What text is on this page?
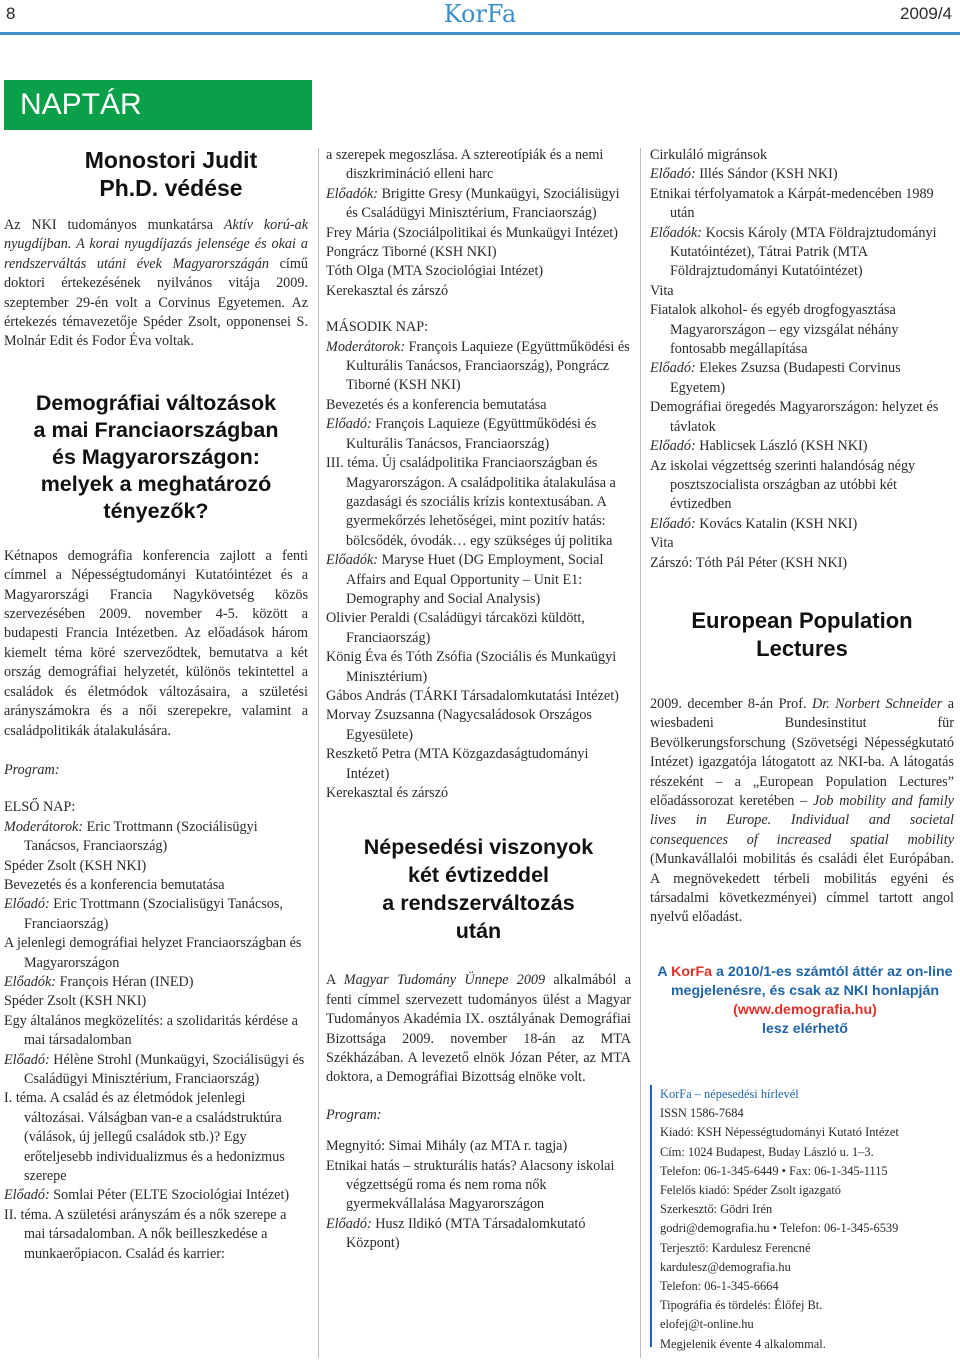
8	KorFa	2009/4
NAPTÁR
Monostori Judit
Ph.D. védése

Az NKI tudományos munkatársa Aktív korú-ak nyugdíjban. A korai nyugdíjazás jelensége és okai a rendszerváltás utáni évek Magyarországán című doktori értekezésének nyilvános vitája 2009. szeptember 29-én volt a Corvinus Egyetemen. Az értekezés témavezetője Spéder Zsolt, opponensei S. Molnár Edit és Fodor Éva voltak.

Demográfiai változások
a mai Franciaországban
és Magyarországon:
melyek a meghatározó
tényezők?

Kétnapos demográfia konferencia zajlott a fenti címmel a Népességtudományi Kutatóintézet és a Magyarországi Francia Nagykövetség közös szervezésében 2009. november 4-5. között a budapesti Francia Intézetben. Az előadások három kiemelt téma köré szerveződtek, bemutatva a két ország demográfiai helyzetét, különös tekintettel a családok és életmódok változásaira, a születési arányszámokra és a női szerepekre, valamint a családpolitikák átalakulására.

Program:

ELSŐ NAP:

Moderátorok: Eric Trottmann (Szociálisügyi Tanácsos, Franciaország)

Spéder Zsolt (KSH NKI)

Bevezetés és a konferencia bemutatása

Előadó: Eric Trottmann (Szocialisügyi Tanácsos, Franciaország)

A jelenlegi demográfiai helyzet Franciaországban és Magyarországon

Előadók: François Héran (INED)

Spéder Zsolt (KSH NKI)

Egy általános megközelítés: a szolidaritás kérdése a mai társadalomban

Előadó: Hélène Strohl (Munkaügyi, Szociálisügyi és Családügyi Minisztérium, Franciaország)

I. téma. A család és az életmódok jelenlegi változásai. Válságban van-e a családstruktúra (válások, új jellegű családok stb.)? Egy erőteljesebb individualizmus és a hedonizmus szerepe

Előadó: Somlai Péter (ELTE Szociológiai Intézet)

II. téma. A születési arányszám és a nők szerepe a mai társadalomban. A nők beilleszkedése a munkaerőpiacon. Család és karrier:

a szerepek megoszlása. A sztereotípiák és a nemi diszkrimináció elleni harc

Előadók: Brigitte Gresy (Munkaügyi, Szociálisügyi és Családügyi Minisztérium, Franciaország)

Frey Mária (Szociálpolitikai és Munkaügyi Intézet)

Pongrácz Tiborné (KSH NKI)

Tóth Olga (MTA Szociológiai Intézet)

Kerekasztal és zárszó

MÁSODIK NAP:

Moderátorok: François Laquieze (Együttműködési és Kulturális Tanácsos, Franciaország), Pongrácz Tiborné (KSH NKI)

Bevezetés és a konferencia bemutatása

Előadó: François Laquieze (Együttműködési és Kulturális Tanácsos, Franciaország)

III. téma. Új családpolitika Franciaországban és Magyarországon. A családpolitika átalakulása a gazdasági és szociális krízis kontextusában. A gyermekőrzés lehetőségei, mint pozitív hatás: bölcsődék, óvodák… egy szükséges új politika

Előadók: Maryse Huet (DG Employment, Social Affairs and Equal Opportunity – Unit E1: Demography and Social Analysis)

Olivier Peraldi (Családügyi tárcaközi küldött, Franciaország)

König Éva és Tóth Zsófia (Szociális és Munkaügyi Minisztérium)

Gábos András (TÁRKI Társadalomkutatási Intézet)

Morvay Zsuzsanna (Nagycsaládosok Országos Egyesülete)

Reszkető Petra (MTA Közgazdaságtudományi Intézet)

Kerekasztal és zárszó

Népesedési viszonyok
két évtizeddel
a rendszerváltozás
után

A Magyar Tudomány Ünnepe 2009 alkalmából a fenti címmel szervezett tudományos ülést a Magyar Tudományos Akadémia IX. osztályának Demográfiai Bizottsága 2009. november 18-án az MTA Székházában. A levezető elnök Józan Péter, az MTA doktora, a Demográfiai Bizottság elnöke volt.

Program:

Megnyitó: Simai Mihály (az MTA r. tagja)

Etnikai hatás – strukturális hatás? Alacsony iskolai végzettségű roma és nem roma nők gyermekvállalása Magyarországon

Előadó: Husz Ildikó (MTA Társadalomkutató Központ)

Cirkuláló migránsok

Előadó: Illés Sándor (KSH NKI)

Etnikai térfolyamatok a Kárpát-medencében 1989 után

Előadók: Kocsis Károly (MTA Földrajztudományi Kutatóintézet), Tátrai Patrik (MTA Földrajztudományi Kutatóintézet)

Vita

Fiatalok alkohol- és egyéb drogfogyasztása Magyarországon – egy vizsgálat néhány fontosabb megállapítása

Előadó: Elekes Zsuzsa (Budapesti Corvinus Egyetem)

Demográfiai öregedés Magyarországon: helyzet és távlatok

Előadó: Hablicsek László (KSH NKI)

Az iskolai végzettség szerinti halandóság négy posztszocialista országban az utóbbi két évtizedben

Előadó: Kovács Katalin (KSH NKI)

Vita

Zárszó: Tóth Pál Péter (KSH NKI)

European Population
Lectures

2009. december 8-án Prof. Dr. Norbert Schneider a wiesbadeni Bundesinstitut für Bevölkerungsforschung (Szövetségi Népességkutató Intézet) igazgatója látogatott az NKI-ba. A látogatás részeként – a „European Population Lectures” előadássorozat keretében – Job mobility and family lives in Europe. Individual and societal consequences of increased spatial mobility (Munkavállalói mobilitás és családi élet Európában. A megnövekedett térbeli mobilitás egyéni és társadalmi következményei) címmel tartott angol nyelvű előadást.

A KorFa a 2010/1-es számtól áttér az on-line megjelenésre, és csak az NKI honlapján
(www.demografia.hu)
lesz elérhető
KorFa – népesedési hírlevél
ISSN 1586-7684
Kiadó: KSH Népességtudományi Kutató Intézet
Cím: 1024 Budapest, Buday László u. 1–3.
Telefon: 06-1-345-6449 • Fax: 06-1-345-1115
Felelős kiadó: Spéder Zsolt igazgató
Szerkesztő: Gödri Irén
godri@demografia.hu • Telefon: 06-1-345-6539
Terjesztő: Kardulesz Ferencné
kardulesz@demografia.hu
Telefon: 06-1-345-6664
Tipográfia és tördelés: Élőfej Bt.
elofej@t-online.hu
Megjelenik évente 4 alkalommal.
